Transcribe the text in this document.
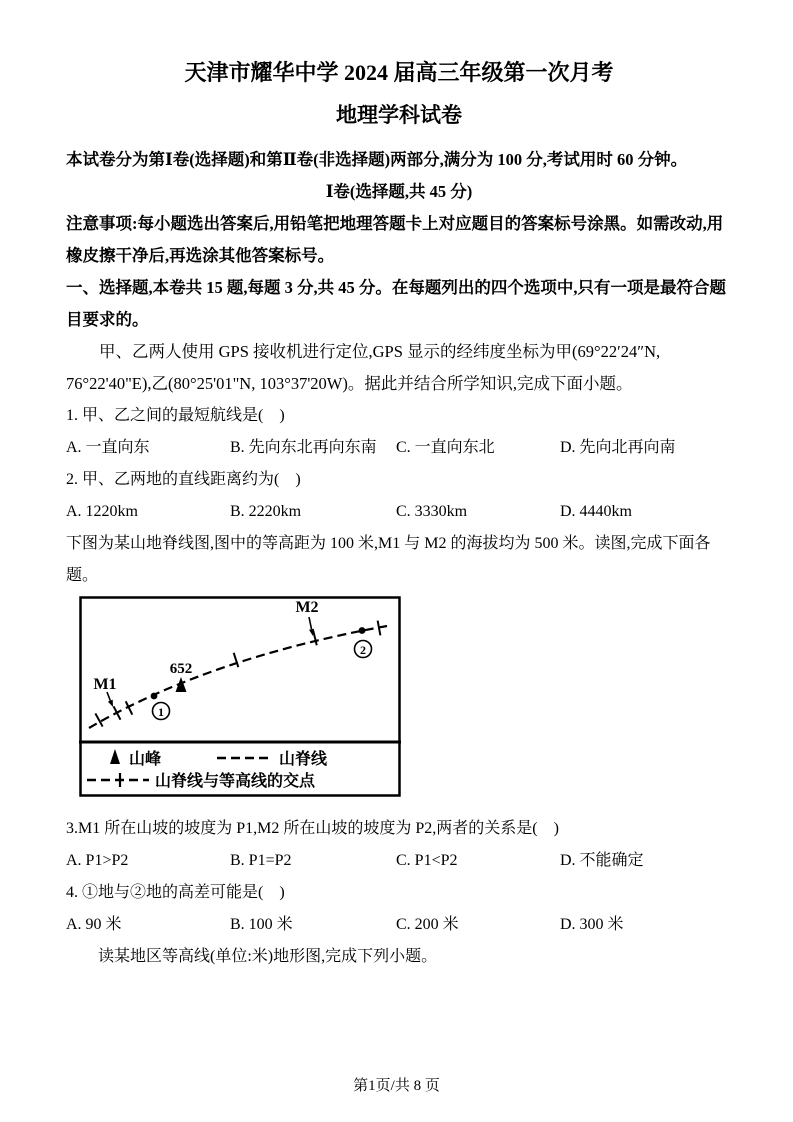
天津市耀华中学 2024 届高三年级第一次月考
地理学科试卷

本试卷分为第Ⅰ卷(选择题)和第Ⅱ卷(非选择题)两部分,满分为 100 分,考试用时 60 分钟。

Ⅰ卷(选择题,共 45 分)

注意事项:每小题选出答案后,用铅笔把地理答题卡上对应题目的答案标号涂黑。如需改动,用橡皮擦干净后,再选涂其他答案标号。

一、选择题,本卷共 15 题,每题 3 分,共 45 分。在每题列出的四个选项中,只有一项是最符合题目要求的。

甲、乙两人使用 GPS 接收机进行定位,GPS 显示的经纬度坐标为甲(69°22′24″N, 76°22'40"E),乙(80°25'01"N, 103°37'20W)。据此并结合所学知识,完成下面小题。

1. 甲、乙之间的最短航线是(　)
A. 一直向东	B. 先向东北再向东南	C. 一直向东北	D. 先向北再向南
2. 甲、乙两地的直线距离约为(　)
A. 1220km	B. 2220km	C. 3330km	D. 4440km
下图为某山地脊线图,图中的等高距为 100 米,M1 与 M2 的海拔均为 500 米。读图,完成下面各题。
652
M1
M2
1
2
山峰	山脊线
山脊线与等高线的交点
3.M1 所在山坡的坡度为 P1,M2 所在山坡的坡度为 P2,两者的关系是(　)
A. P1>P2	B. P1=P2	C. P1<P2	D. 不能确定
4. ①地与②地的高差可能是(　)
A. 90 米	B. 100 米	C. 200 米	D. 300 米

读某地区等高线(单位:米)地形图,完成下列小题。

第1页/共 8 页
